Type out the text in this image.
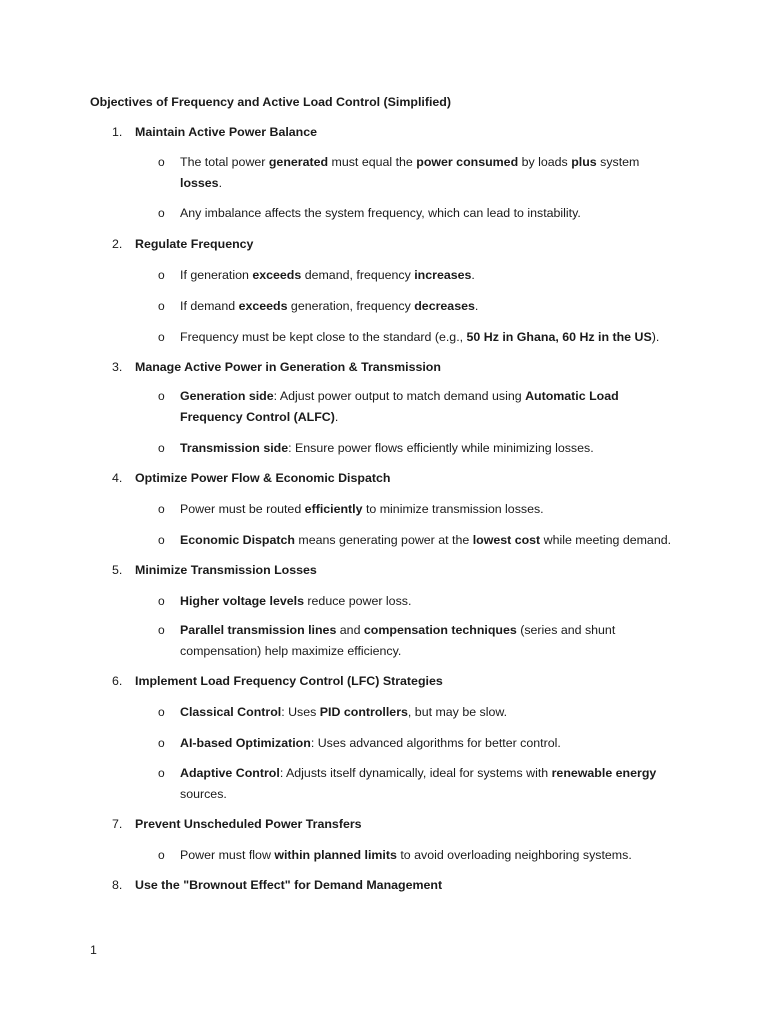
Objectives of Frequency and Active Load Control (Simplified)
1.	Maintain Active Power Balance
o The total power generated must equal the power consumed by loads plus system losses.
o Any imbalance affects the system frequency, which can lead to instability.
2.	Regulate Frequency
o If generation exceeds demand, frequency increases.
o If demand exceeds generation, frequency decreases.
o Frequency must be kept close to the standard (e.g., 50 Hz in Ghana, 60 Hz in the US).
3.	Manage Active Power in Generation & Transmission
o Generation side: Adjust power output to match demand using Automatic Load Frequency Control (ALFC).
o Transmission side: Ensure power flows efficiently while minimizing losses.
4.	Optimize Power Flow & Economic Dispatch
o Power must be routed efficiently to minimize transmission losses.
o Economic Dispatch means generating power at the lowest cost while meeting demand.
5.	Minimize Transmission Losses
o Higher voltage levels reduce power loss.
o Parallel transmission lines and compensation techniques (series and shunt compensation) help maximize efficiency.
6.	Implement Load Frequency Control (LFC) Strategies
o Classical Control: Uses PID controllers, but may be slow.
o AI-based Optimization: Uses advanced algorithms for better control.
o Adaptive Control: Adjusts itself dynamically, ideal for systems with renewable energy sources.
7.	Prevent Unscheduled Power Transfers
o Power must flow within planned limits to avoid overloading neighboring systems.
8.	Use the "Brownout Effect" for Demand Management
1
